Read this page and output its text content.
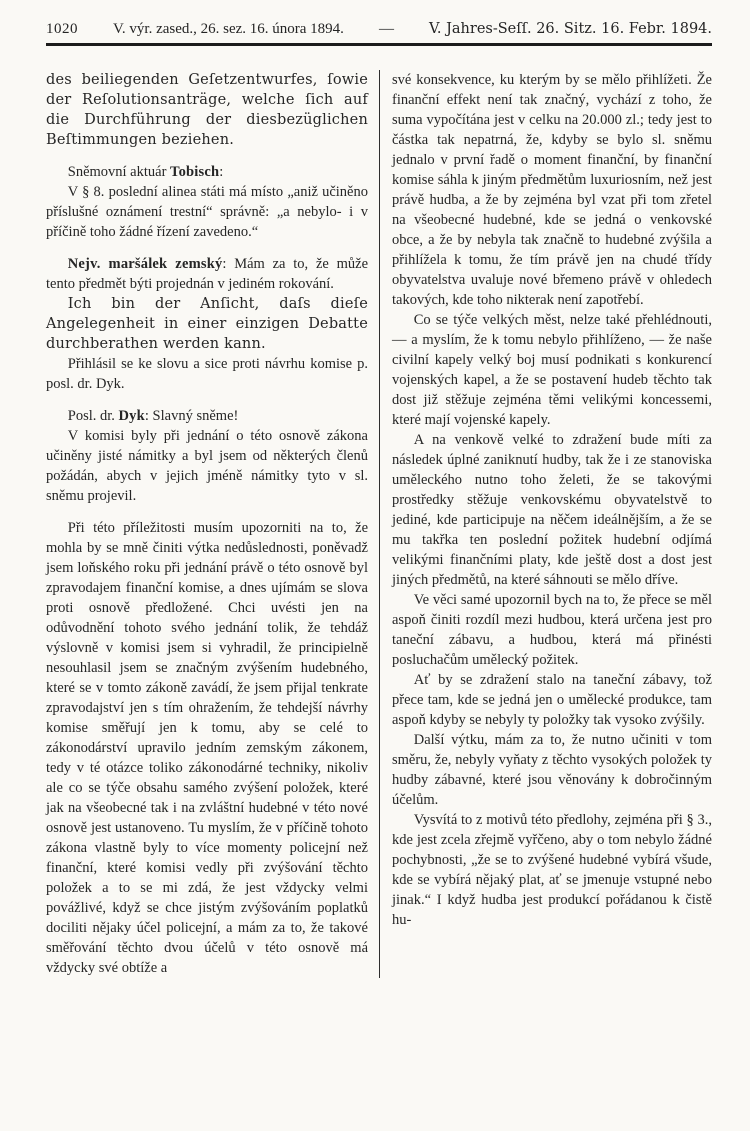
1020 V. výr. zased., 26. sez. 16. února 1894. — V. Jahres-Seſſ. 26. Sitz. 16. Febr. 1894.

des beiliegenden Geſetzentwurfes, ſowie der Reſolutionsanträge, welche ſich auf die Durchführung der diesbezüglichen Beſtimmungen beziehen.

Sněmovní aktuár Tobisch:

V § 8. poslední alinea státi má místo „aniž učiněno příslušné oznámení trestní“ správně: „a nebylo- i v příčině toho žádné řízení zavedeno.“

Nejv. maršálek zemský: Mám za to, že může tento předmět býti projednán v jediném rokování.

Ich bin der Anſicht, daſs dieſe Angelegenheit in einer einzigen Debatte durchberathen werden kann.

Přihlásil se ke slovu a sice proti návrhu komise p. posl. dr. Dyk.

Posl. dr. Dyk: Slavný sněme!

V komisi byly při jednání o této osnově zákona učiněny jisté námitky a byl jsem od některých členů požádán, abych v jejich jméně námitky tyto v sl. sněmu projevil.

Při této příležitosti musím upozorniti na to, že mohla by se mně činiti výtka nedůslednosti, poněvadž jsem loňského roku při jednání právě o této osnově byl zpravodajem finanční komise, a dnes ujímám se slova proti osnově předložené. Chci uvésti jen na odůvodnění tohoto svého jednání tolik, že tehdáž výslovně v komisi jsem si vyhradil, že principielně nesouhlasil jsem se značným zvýšením hudebného, které se v tomto zákoně zavádí, že jsem přijal tenkrate zpravodajství jen s tím ohražením, že tehdejší návrhy komise směřují jen k tomu, aby se celé to zákonodárství upravilo jedním zemským zákonem, tedy v té otázce toliko zákonodárné techniky, nikoliv ale co se týče obsahu samého zvýšení položek, které jak na všeobecné tak i na zvláštní hudebné v této nové osnově jest ustanoveno. Tu myslím, že v příčině tohoto zákona vlastně byly to více momenty policejní než finanční, které komisi vedly při zvýšování těchto položek a to se mi zdá, že jest vždycky velmi povážlivé, když se chce jistým zvýšováním poplatků dociliti nějaky účel policejní, a mám za to, že takové směřování těchto dvou účelů v této osnově má vždycky své obtíže a

své konsekvence, ku kterým by se mělo přihlížeti. Že finanční effekt není tak značný, vychází z toho, že suma vypočítána jest v celku na 20.000 zl.; tedy jest to částka tak nepatrná, že, kdyby se bylo sl. sněmu jednalo v první řadě o moment finanční, by finanční komise sáhla k jiným předmětům luxuriosním, než jest právě hudba, a že by zejména byl vzat při tom zřetel na všeobecné hudebné, kde se jedná o venkovské obce, a že by nebyla tak značně to hudebné zvýšila a přihlížela k tomu, že tím právě jen na chudé třídy obyvatelstva uvaluje nové břemeno právě v ohledech takových, kde toho nikterak není zapotřebí.

Co se týče velkých měst, nelze také přehlédnouti, — a myslím, že k tomu nebylo přihlíženo, — že naše civilní kapely velký boj musí podnikati s konkurencí vojenských kapel, a že se postavení hudeb těchto tak dost již stěžuje zejména těmi velikými koncessemi, které mají vojenské kapely.

A na venkově velké to zdražení bude míti za následek úplné zaniknutí hudby, tak že i ze stanoviska uměleckého nutno toho želeti, že se takovými prostředky stěžuje venkovskému obyvatelstvě to jediné, kde participuje na něčem ideálnějším, a že se mu takřka ten poslední požitek hudební odjímá velikými finančními platy, kde ještě dost a dost jest jiných předmětů, na které sáhnouti se mělo dříve.

Ve věci samé upozornil bych na to, že přece se měl aspoň činiti rozdíl mezi hudbou, která určena jest pro taneční zábavu, a hudbou, která má přinésti posluchačům umělecký požitek.

Ať by se zdražení stalo na taneční zábavy, tož přece tam, kde se jedná jen o umělecké produkce, tam aspoň kdyby se nebyly ty položky tak vysoko zvýšily.

Další výtku, mám za to, že nutno učiniti v tom směru, že, nebyly vyňaty z těchto vysokých položek ty hudby zábavné, které jsou věnovány k dobročinným účelům.

Vysvítá to z motivů této předlohy, zejména při § 3., kde jest zcela zřejmě vyřčeno, aby o tom nebylo žádné pochybnosti, „že se to zvýšené hudebné vybírá všude, kde se vybírá nějaký plat, ať se jmenuje vstupné nebo jinak.“ I když hudba jest produkcí pořádanou k čistě hu-
